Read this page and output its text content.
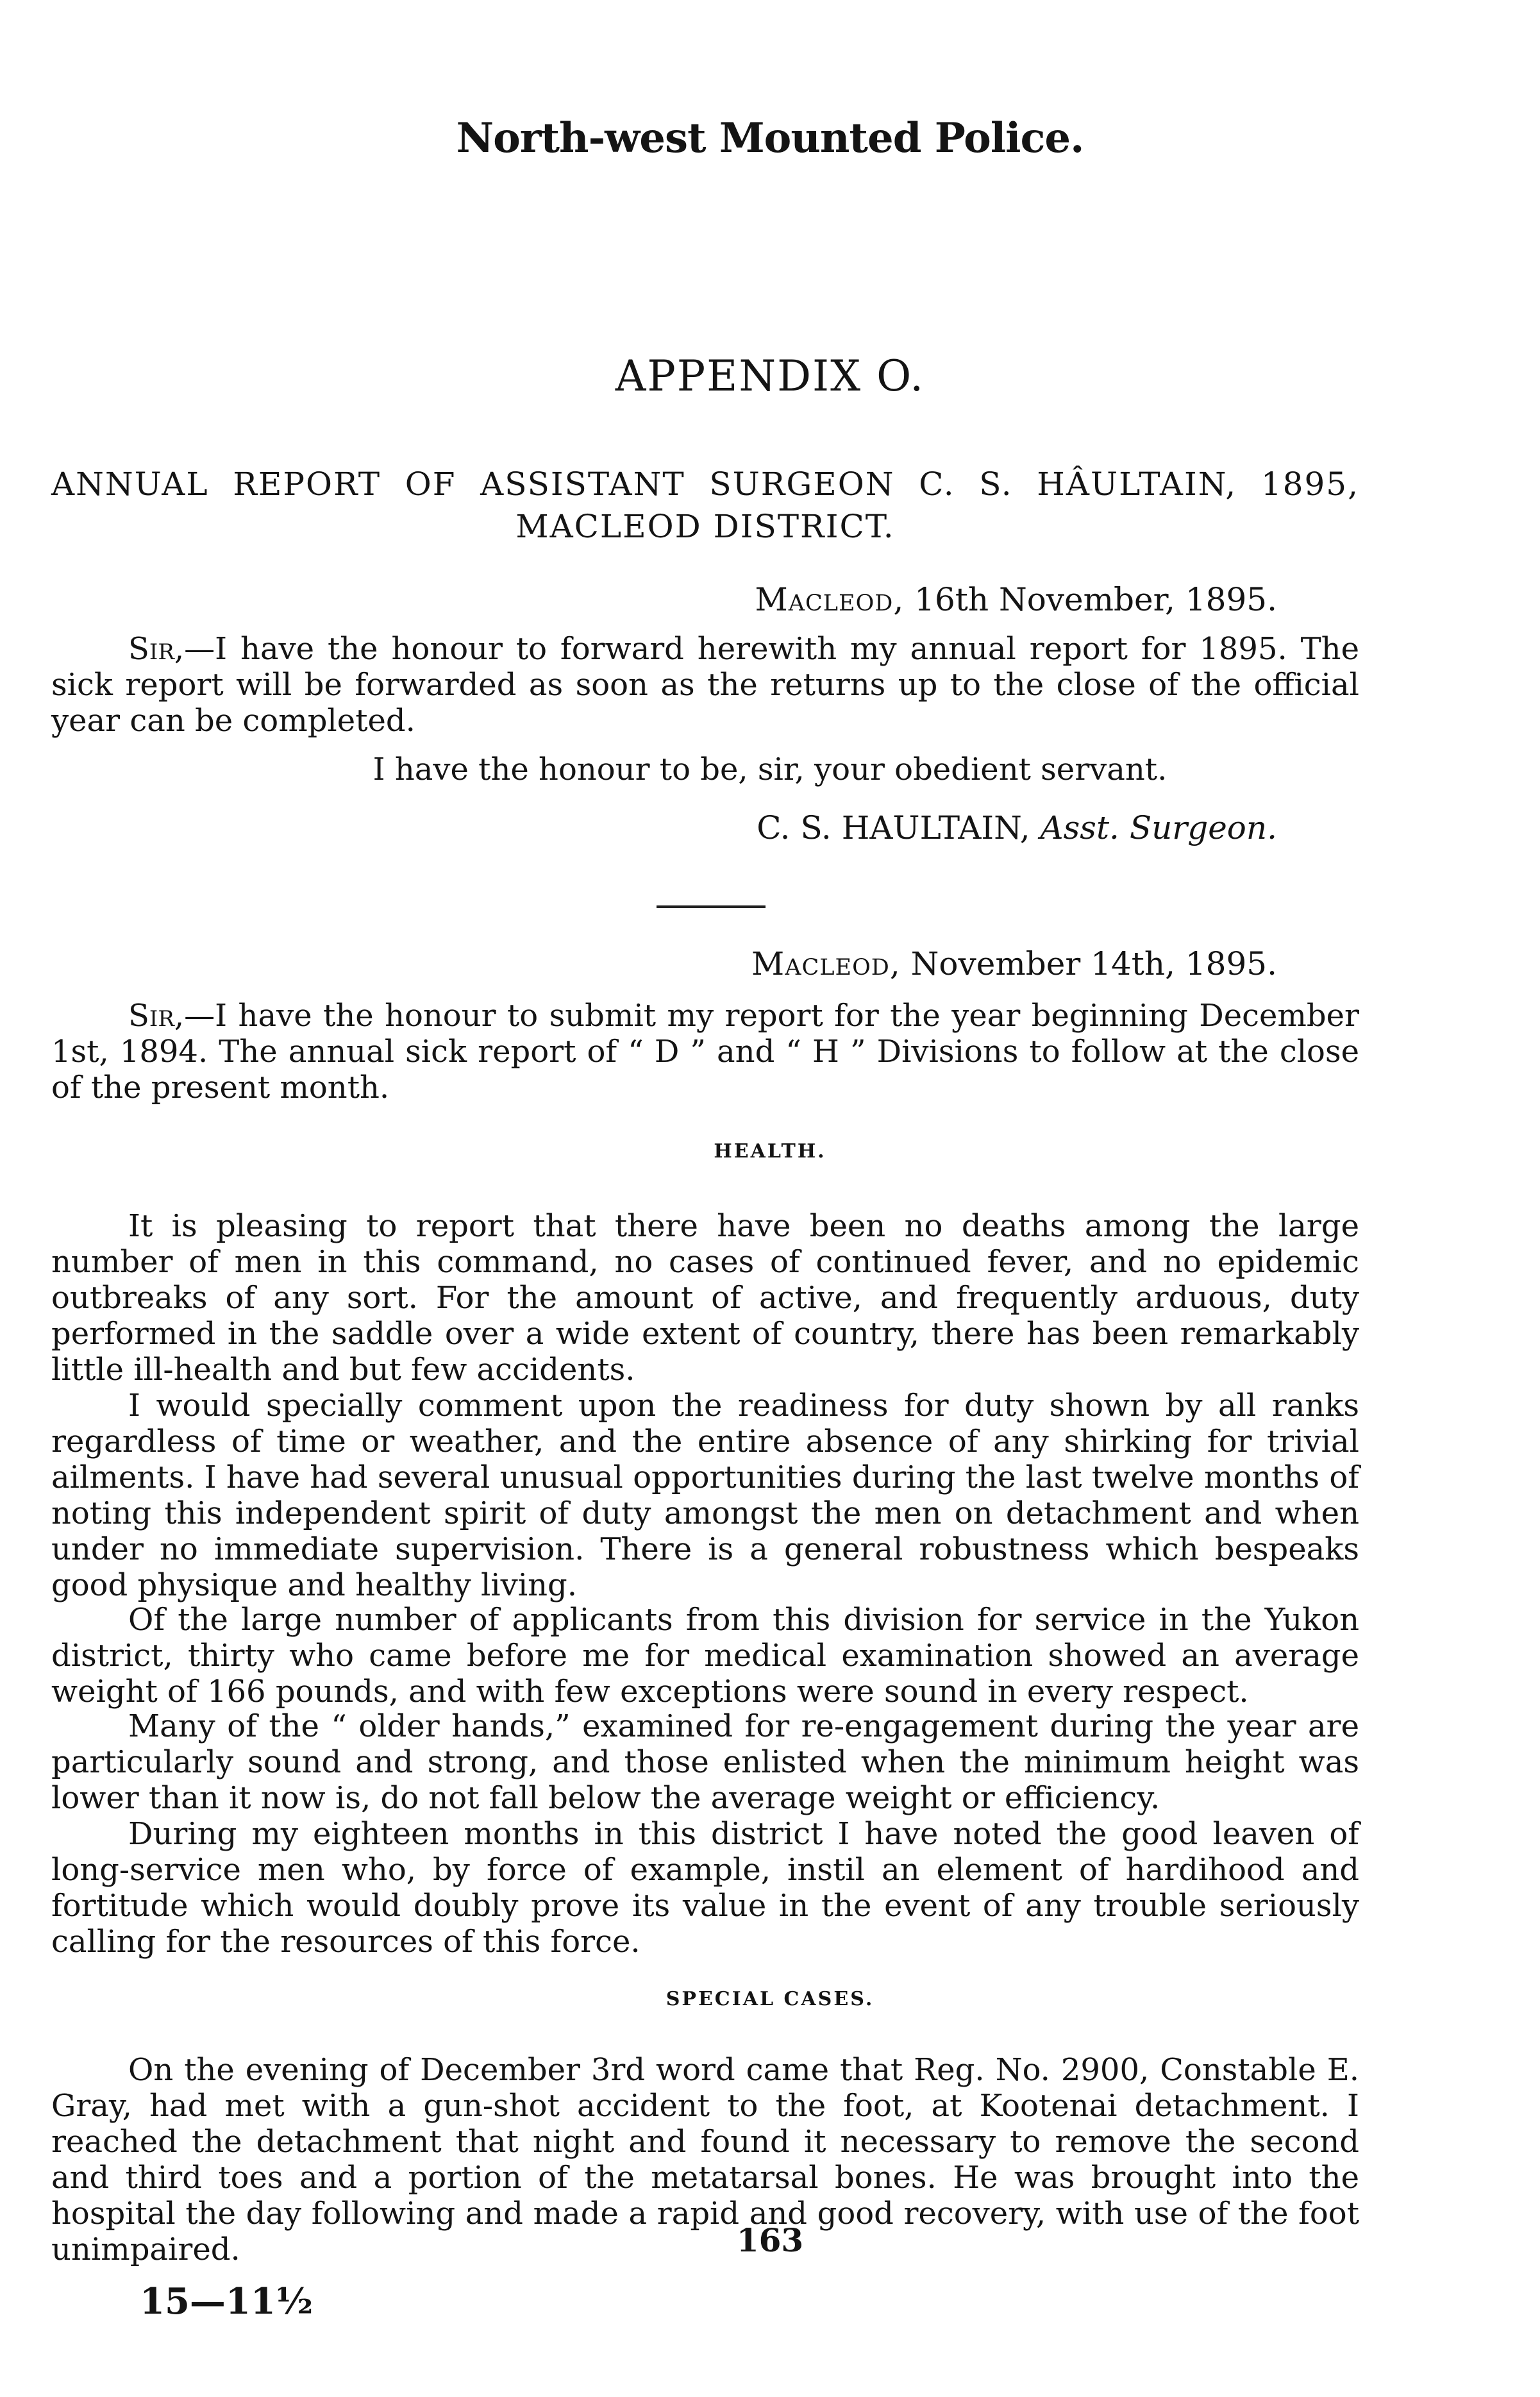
North-west Mounted Police.
APPENDIX O.
ANNUAL REPORT OF ASSISTANT SURGEON C. S. HÂULTAIN, 1895,
MACLEOD DISTRICT.
Macleod, 16th November, 1895.
Sir,—I have the honour to forward herewith my annual report for 1895. The sick report will be forwarded as soon as the returns up to the close of the official year can be completed.
I have the honour to be, sir, your obedient servant.
C. S. HAULTAIN, Asst. Surgeon.
Macleod, November 14th, 1895.
Sir,—I have the honour to submit my report for the year beginning December 1st, 1894. The annual sick report of “ D ” and “ H ” Divisions to follow at the close of the present month.
HEALTH.
It is pleasing to report that there have been no deaths among the large number of men in this command, no cases of continued fever, and no epidemic outbreaks of any sort. For the amount of active, and frequently arduous, duty performed in the saddle over a wide extent of country, there has been remarkably little ill-health and but few accidents.
I would specially comment upon the readiness for duty shown by all ranks regardless of time or weather, and the entire absence of any shirking for trivial ailments. I have had several unusual opportunities during the last twelve months of noting this independent spirit of duty amongst the men on detachment and when under no immediate supervision. There is a general robustness which bespeaks good physique and healthy living.
Of the large number of applicants from this division for service in the Yukon district, thirty who came before me for medical examination showed an average weight of 166 pounds, and with few exceptions were sound in every respect.
Many of the “ older hands,” examined for re-engagement during the year are particularly sound and strong, and those enlisted when the minimum height was lower than it now is, do not fall below the average weight or efficiency.
During my eighteen months in this district I have noted the good leaven of long-service men who, by force of example, instil an element of hardihood and fortitude which would doubly prove its value in the event of any trouble seriously calling for the resources of this force.
SPECIAL CASES.
On the evening of December 3rd word came that Reg. No. 2900, Constable E. Gray, had met with a gun-shot accident to the foot, at Kootenai detachment. I reached the detachment that night and found it necessary to remove the second and third toes and a portion of the metatarsal bones. He was brought into the hospital the day following and made a rapid and good recovery, with use of the foot unimpaired.	163
15—11½
